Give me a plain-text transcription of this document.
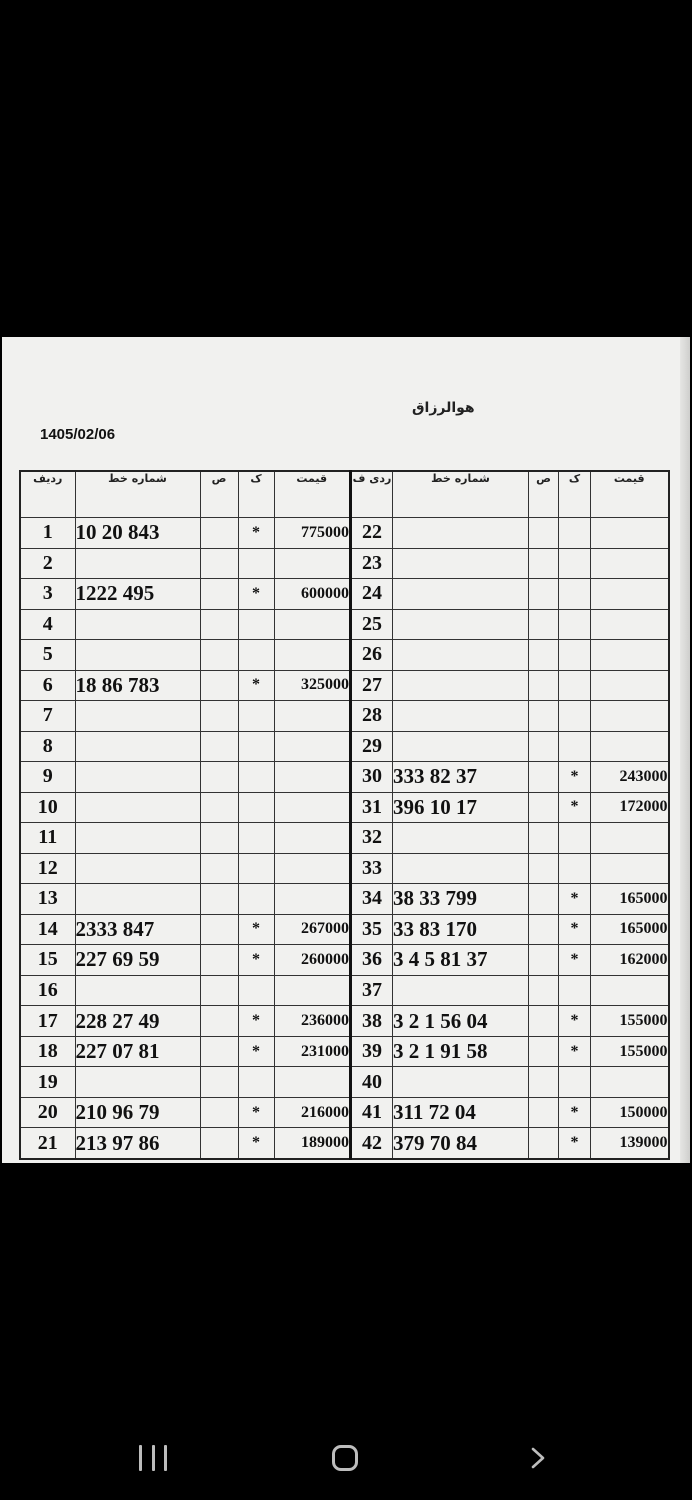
هوالرزاق
1405/02/06
ردیف	شماره خط	ص	ک	قیمت
1	10 20 843		*	775000
2				
3	1222 495		*	600000
4				
5				
6	18 86 783		*	325000
7				
8				
9				
10				
11				
12				
13				
14	2333 847		*	267000
15	227 69 59		*	260000
16				
17	228 27 49		*	236000
18	227 07 81		*	231000
19				
20	210 96 79		*	216000
21	213 97 86		*	189000
ردی ف	شماره خط	ص	ک	قیمت
22				
23				
24				
25				
26				
27				
28				
29				
30	333 82 37		*	243000
31	396 10 17		*	172000
32				
33				
34	38 33 799		*	165000
35	33 83 170		*	165000
36	3 4 5 81 37		*	162000
37				
38	3 2 1 56 04		*	155000
39	3 2 1 91 58		*	155000
40				
41	311 72 04		*	150000
42	379 70 84		*	139000
